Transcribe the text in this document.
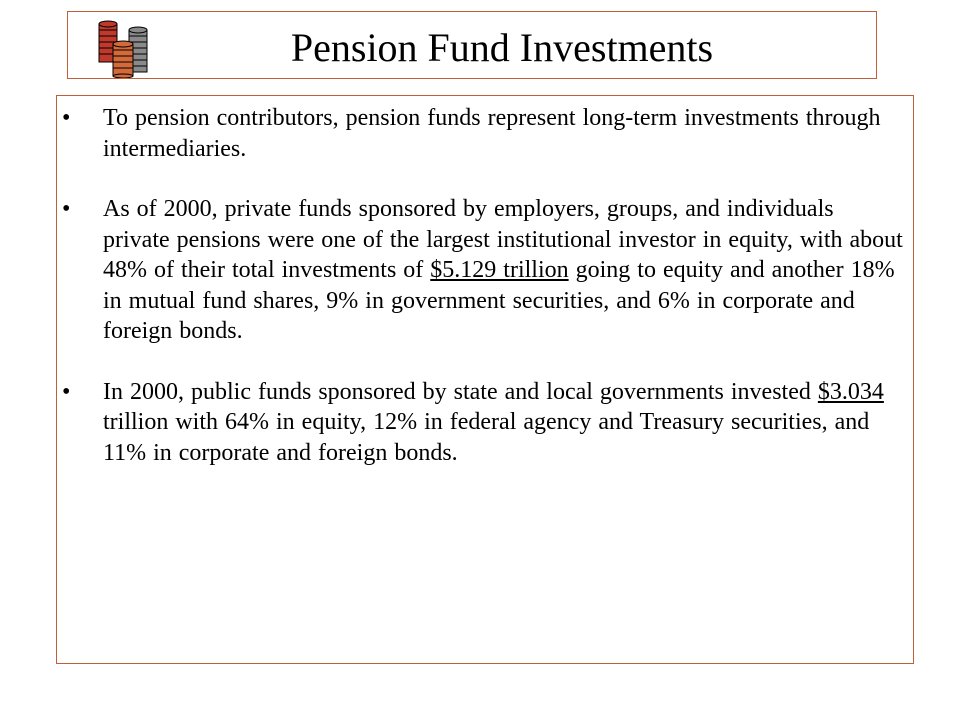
Pension Fund Investments
• To pension contributors, pension funds represent long-term investments through intermediaries.
• As of 2000, private funds sponsored by employers, groups, and individuals private pensions were one of the largest institutional investor in equity, with about 48% of their total investments of $5.129 trillion going to equity and another 18% in mutual fund shares, 9% in government securities, and 6% in corporate and foreign bonds.
• In 2000, public funds sponsored by state and local governments invested $3.034 trillion with 64% in equity, 12% in federal agency and Treasury securities, and 11% in corporate and foreign bonds.
